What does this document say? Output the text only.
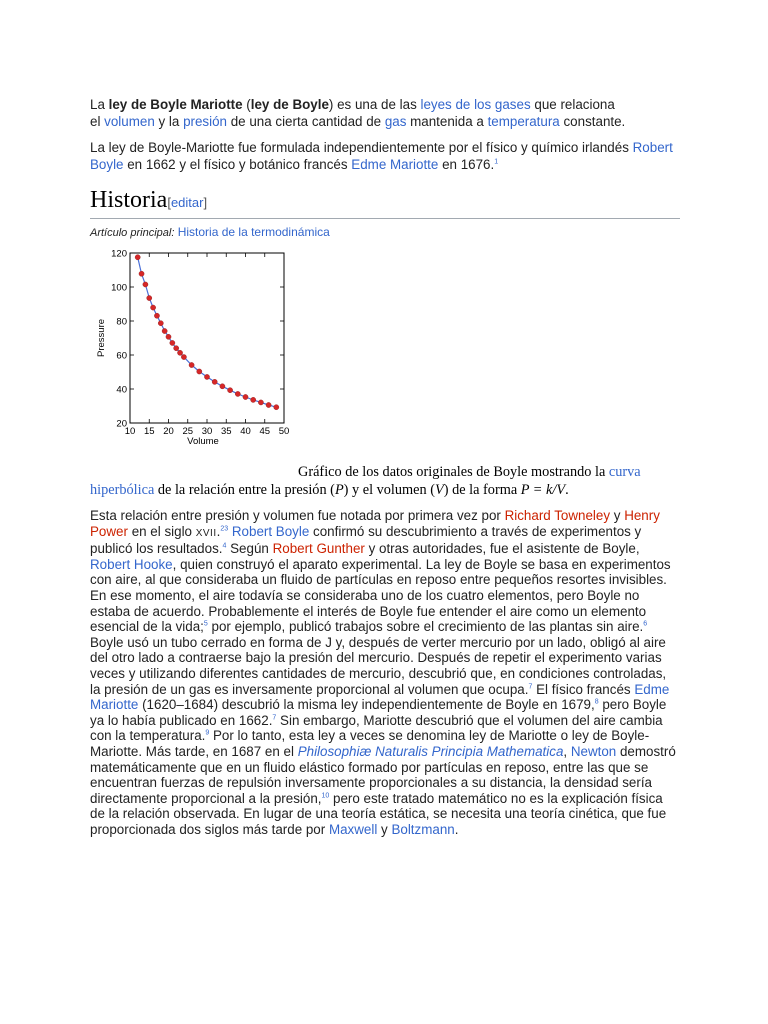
La ley de Boyle Mariotte (ley de Boyle) es una de las leyes de los gases que relaciona
el volumen y la presión de una cierta cantidad de gas mantenida a temperatura constante.

La ley de Boyle-Mariotte fue formulada independientemente por el físico y químico irlandés Robert Boyle en 1662 y el físico y botánico francés Edme Mariotte en 1676.$^1$

Historia[editar]
Artículo principal: Historia de la termodinámica
10 15 20 25 30 35 40 45 50
20
40
60
80
100
120
Volume
Pressure
Gráfico de los datos originales de Boyle mostrando la curva
hiperbólica de la relación entre la presión (P) y el volumen (V) de la forma P = k/V.

Esta relación entre presión y volumen fue notada por primera vez por Richard Towneley y Henry Power en el siglo XVII.$^{23}$ Robert Boyle confirmó su descubrimiento a través de experimentos y publicó los resultados.$^4$ Según Robert Gunther y otras autoridades, fue el asistente de Boyle, Robert Hooke, quien construyó el aparato experimental. La ley de Boyle se basa en experimentos con aire, al que consideraba un fluido de partículas en reposo entre pequeños resortes invisibles. En ese momento, el aire todavía se consideraba uno de los cuatro elementos, pero Boyle no estaba de acuerdo. Probablemente el interés de Boyle fue entender el aire como un elemento esencial de la vida;$^5$ por ejemplo, publicó trabajos sobre el crecimiento de las plantas sin aire.$^6$ Boyle usó un tubo cerrado en forma de J y, después de verter mercurio por un lado, obligó al aire del otro lado a contraerse bajo la presión del mercurio. Después de repetir el experimento varias veces y utilizando diferentes cantidades de mercurio, descubrió que, en condiciones controladas, la presión de un gas es inversamente proporcional al volumen que ocupa.$^7$ El físico francés Edme Mariotte (1620–1684) descubrió la misma ley independientemente de Boyle en 1679,$^8$ pero Boyle ya lo había publicado en 1662.$^7$ Sin embargo, Mariotte descubrió que el volumen del aire cambia con la temperatura.$^9$ Por lo tanto, esta ley a veces se denomina ley de Mariotte o ley de Boyle-Mariotte. Más tarde, en 1687 en el Philosophiæ Naturalis Principia Mathematica, Newton demostró matemáticamente que en un fluido elástico formado por partículas en reposo, entre las que se encuentran fuerzas de repulsión inversamente proporcionales a su distancia, la densidad sería directamente proporcional a la presión,$^{10}$ pero este tratado matemático no es la explicación física de la relación observada. En lugar de una teoría estática, se necesita una teoría cinética, que fue proporcionada dos siglos más tarde por Maxwell y Boltzmann.
